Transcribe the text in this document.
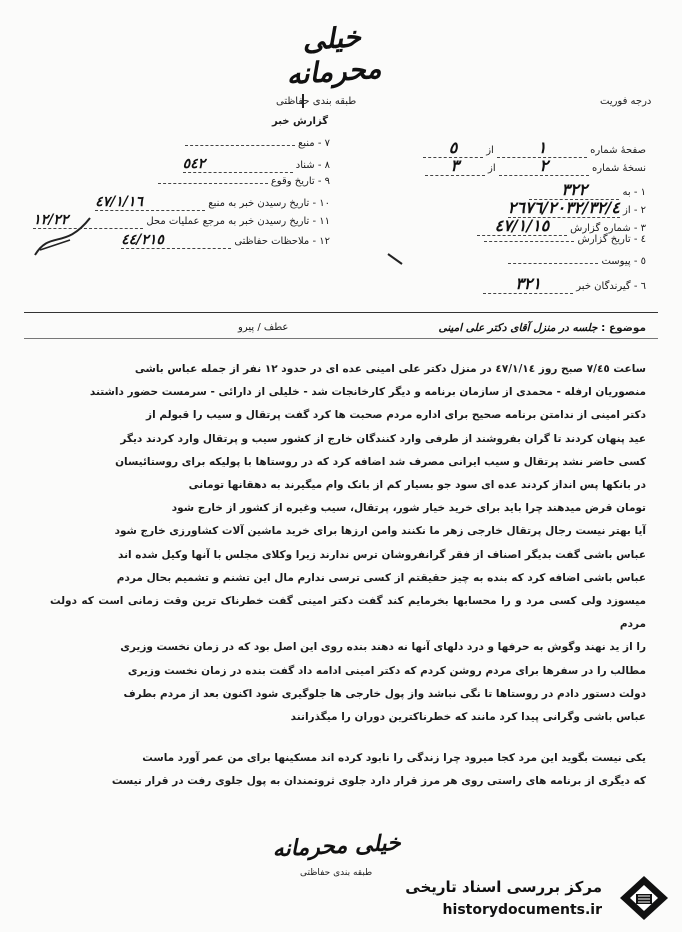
خیلی محرمانه
طبقه بندی حفاظتی
گزارش خبر
درجه فوریت
صفحهٔ شماره ١ از ٥
نسخهٔ شماره ٢ از ٣
١ - به ٣٢٢
٢ - از ٢٦٧٦/٢٠٣٢/٣٢/٤
٣ - شماره گزارش ٤٧/١/١٥
٤ - تاریخ گزارش
٥ - پیوست
٦ - گیرندگان خبر ٣٢١
٧ - منبع
٨ - شناد ٥٤٢
٩ - تاریخ وقوع
١٠ - تاریخ رسیدن خبر به منبع ٤٧/١/١٦
١١ - تاریخ رسیدن خبر به مرجع عملیات محل ١٢/٢٢
١٢ - ملاحظات حفاظتی ٤٤/٢١٥
موضوع : جلسه در منزل آقای دکتر علی امینی
عطف / پیرو

ساعت ٧/٤٥ صبح روز ٤٧/١/١٤ در منزل دکتر علی امینی عده ای در حدود ١٢ نفر از جمله عباس باشی

منصوریان ارفله - محمدی از سازمان برنامه و دیگر کارخانجات شد - خلیلی از دارائی - سرمست حضور داشتند

دکتر امینی از ندامتن برنامه صحیح برای اداره مردم صحبت ها کرد گفت پرتقال و سیب را قبولم از

عید پنهان کردند تا گران بفروشند از طرفی وارد کنندگان خارج از کشور سیب و پرتقال وارد کردند دیگر

کسی حاضر نشد پرتقال و سیب ایرانی مصرف شد اضافه کرد که در روستاها با پولیکه برای روستائیسان

در بانکها پس انداز کردند عده ای سود جو بسیار کم از بانک وام میگیرند به دهقانها تومانی

تومان قرض میدهند چرا باید برای خرید خیار شور، پرتقال، سیب وغیره از کشور از خارج شود

آیا بهتر نیست رجال پرتقال خارجی زهر ما نکنند وامن ارزها برای خرید ماشین آلات کشاورزی خارج شود

عباس باشی گفت بدیگر اصناف از فقر گرانفروشان ترس ندارند زیرا وکلای مجلس با آنها وکیل شده اند

عباس باشی اضافه کرد که بنده به چیز حقیقتم از کسی ترسی ندارم مال این تشنم و تشمیم بحال مردم

میسوزد ولی کسی مرد و را محسابها بخرمایم کند گفت دکتر امینی گفت خطرناک ترین وقت زمانی است که دولت مردم

را از ید نهند وگوش به حرفها و درد دلهای آنها نه دهند بنده روی این اصل بود که در زمان نخست وزیری

مطالب را در سفرها برای مردم روشن کردم که دکتر امینی ادامه داد گفت بنده در زمان نخست وزیری

دولت دستور دادم در روستاها تا نگی نباشد واز پول خارجی ها جلوگیری شود اکنون بعد از مردم بطرف

عباس باشی وگرانی پیدا کرد مانند که خطرناکترین دوران را میگذرانند

یکی نیست بگوید این مرد کجا میرود چرا زندگی را نابود کرده اند مسکینها برای من عمر آورد ماست

که دیگری از برنامه های راستی روی هر مرز قرار دارد جلوی ثروتمندان به پول جلوی رفت در قرار نیست

خیلی محرمانه
طبقه بندی حفاظتی
مرکز بررسی اسناد تاریخی
historydocuments.ir
